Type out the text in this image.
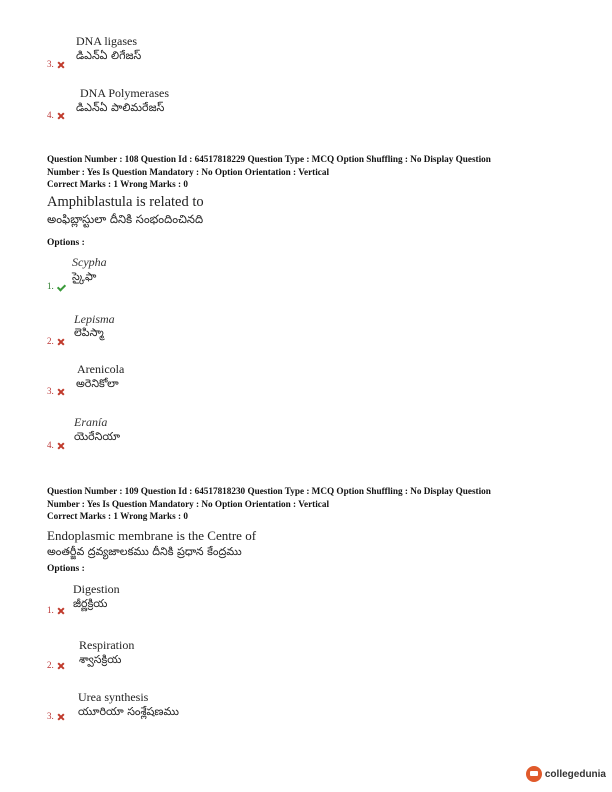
DNA ligases
డిఎన్ఏ లిగేజస్
3.
DNA Polymerases
డిఎన్ఏ పాలిమరేజస్
4.
Question Number : 108 Question Id : 64517818229 Question Type : MCQ Option Shuffling : No Display Question
Number : Yes Is Question Mandatory : No Option Orientation : Vertical
Correct Marks : 1 Wrong Marks : 0
Amphiblastula is related to
అంఫిబ్లాస్టులా దీనికి సంభందించినది
Options :
Scypha
స్కైఫా
1.
Lepisma
లెపిస్మా
2.
Arenicola
అరెనికోలా
3.
Eranía
యెరేనియా
4.
Question Number : 109 Question Id : 64517818230 Question Type : MCQ Option Shuffling : No Display Question
Number : Yes Is Question Mandatory : No Option Orientation : Vertical
Correct Marks : 1 Wrong Marks : 0
Endoplasmic membrane is the Centre of
అంతర్జీవ ద్రవ్యజాలకము దీనికి ప్రధాన కేంద్రము
Options :
Digestion
జీర్ణక్రియ
1.
Respiration
శ్వాసక్రియ
2.
Urea synthesis
యూరియా సంశ్లేషణము
3.
collegedunia
